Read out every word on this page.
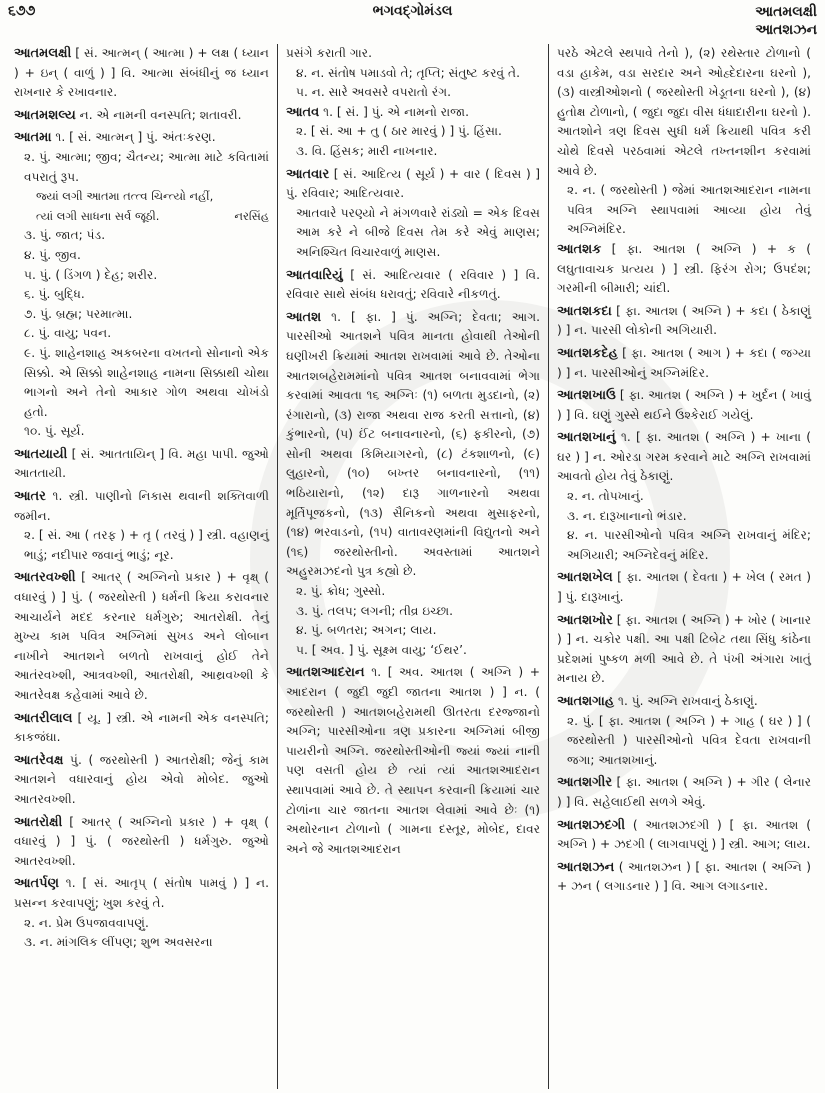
૬૭૭	ભગવદ્ગોમંડલ	આતમલક્ષી
આતશઝન
આતમલક્ષી [ સં. આત્મન્ ( આત્મા ) + લક્ષ ( ધ્યાન ) + ઇન્ ( વાળું ) ] વિ. આત્મા સંબંધીનું જ ધ્યાન રાખનાર કે રખાવનાર.
આતમશલ્ય ન. એ નામની વનસ્પતિ; શતાવરી.
આતમા ૧. [ સં. આત્મન્ ] પું. અંતઃકરણ.
૨. પું. આત્મા; જીવ; ચૈતન્ય; આત્મા માટે કવિતામાં વપરાતું રૂપ.
જ્યાં લગી આતમા તત્ત્વ ચિન્ત્યો નહીં,
ત્યાં લગી સાધના સર્વ જૂઠી.	નરસિંહ
૩. પું. જાત; પંડ.
૪. પું. જીવ.
૫. પું. ( ડિંગળ ) દેહ; શરીર.
૬. પું. બુદ્ધિ.
૭. પું. બ્રહ્મ; પરમાત્મા.
૮. પું. વાયુ; પવન.
૯. પું. શાહેનશાહ અકબરના વખતનો સોનાનો એક સિક્કો. એ સિક્કો શાહેનશાહ નામના સિક્કાથી ચોથા ભાગનો અને તેનો આકાર ગોળ અથવા ચોખંડો હતો.
૧૦. પું. સૂર્ય.
આતયાયી [ સં. આતતાયિન્ ] વિ. મહા પાપી. જુઓ આતતાયી.
આતર ૧. સ્ત્રી. પાણીનો નિકાસ થવાની શક્તિવાળી જમીન.
૨. [ સં. આ ( તરફ ) + તૃ ( તરવું ) ] સ્ત્રી. વહાણનું ભાડું; નદીપાર જવાનું ભાડું; નૂર.
આતરવખ્શી [ આતર્ ( અગ્નિનો પ્રકાર ) + વૃક્ષ્ ( વધારવું ) ] પું. ( જરથોસ્તી ) ધર્મની ક્રિયા કરાવનાર આચાર્યને મદદ કરનાર ધર્મગુરુ; આતરોક્ષી. તેનું મુખ્ય કામ પવિત્ર અગ્નિમાં સુખડ અને લોબાન નાખીને આતશને બળતો રાખવાનું હોઈ તેને આતંરવખ્શી, આત્રવખ્શી, આતરોક્ષી, આથ્રવખ્શી કે આતરેવક્ષ કહેવામાં આવે છે.
આતરીલાલ [ યૂ. ] સ્ત્રી. એ નામની એક વનસ્પતિ; કાકજંઘા.
આતરેવક્ષ પું. ( જરથોસ્તી ) આતરોક્ષી; જેનું કામ આતશને વધારવાનું હોય એવો મોબેદ. જુઓ આતરવખ્શી.
આતરોક્ષી [ આતર્ ( અગ્નિનો પ્રકાર ) + વૃક્ષ્ ( વધારવું ) ] પું. ( જરથોસ્તી ) ધર્મગુરુ. જુઓ આતરવખ્શી.
આતર્પણ ૧. [ સં. આતૃપ્ ( સંતોષ પામવું ) ] ન. પ્રસન્ન કરવાપણું; ખુશ કરવું તે.
૨. ન. પ્રેમ ઉપજાવવાપણું.
૩. ન. માંગલિક લીંપણ; શુભ અવસરના
પ્રસંગે કરાતી ગાર.
૪. ન. સંતોષ પમાડવો તે; તૃપ્તિ; સંતુષ્ટ કરવું તે.
૫. ન. સારે અવસરે વપરાતો રંગ.
આતવ ૧. [ સં. ] પું. એ નામનો રાજા.
૨. [ સં. આ + તુ ( ઠાર મારવું ) ] પું. હિંસા.
૩. વિ. હિંસક; મારી નાખનાર.
આતવાર [ સં. આદિત્ય ( સૂર્ય ) + વાર ( દિવસ ) ] પું. રવિવાર; આદિત્યવાર.
આતવારે પરણ્યો ને મંગળવારે રાંડ્યો = એક દિવસ આમ કરે ને બીજે દિવસ તેમ કરે એવું માણસ; અનિશ્ચિત વિચારવાળું માણસ.
આતવારિયું [ સં. આદિત્યવાર ( રવિવાર ) ] વિ. રવિવાર સાથે સંબંધ ધરાવતું; રવિવારે નીકળતું.
આતશ ૧. [ ફા. ] પું. અગ્નિ; દેવતા; આગ. પારસીઓ આતશને પવિત્ર માનતા હોવાથી તેઓની ઘણીખરી ક્રિયામાં આતશ રાખવામાં આવે છે. તેઓના આતશબહેરામમાંનો પવિત્ર આતશ બનાવવામાં ભેગા કરવામાં આવતા ૧૬ અગ્નિઃ (૧) બળતા મુડદાનો, (૨) રંગારાનો, (૩) રાજા અથવા રાજ કરતી સત્તાનો, (૪) કુંભારનો, (૫) ઈંટ બનાવનારનો, (૬) ફકીરનો, (૭) સોની અથવા કિમિયાગરનો, (૮) ટંકશાળનો, (૯) લુહારનો, (૧૦) બખ્તર બનાવનારનો, (૧૧) ભઠિયારાનો, (૧૨) દારૂ ગાળનારનો અથવા મૂર્તિપૂજકનો, (૧૩) સૈનિકનો અથવા મુસાફરનો, (૧૪) ભરવાડનો, (૧૫) વાતાવરણમાંની વિદ્યુતનો અને (૧૬) જરથોસ્તીનો. અવસ્તામાં આતશને અહુરમઝદનો પુત્ર કહ્યો છે.
૨. પું. ક્રોધ; ગુસ્સો.
૩. પું. તલપ; લગની; તીવ્ર ઇચ્છા.
૪. પું. બળતરા; અગન; લાય.
૫. [ અવ. ] પું. સૂક્ષ્મ વાયુ; ‘ઈથર’.
આતશઆદરાન ૧. [ અવ. આતશ ( અગ્નિ ) + આદરાન ( જુદી જુદી જાતના આતશ ) ] ન. ( જરથોસ્તી ) આતશબહેરામથી ઊતરતા દરજ્જાનો અગ્નિ; પારસીઓના ત્રણ પ્રકારના અગ્નિમાં બીજી પાયરીનો અગ્નિ. જરથોસ્તીઓની જ્યાં જ્યાં નાની પણ વસતી હોય છે ત્યાં ત્યાં આતશઆદરાન સ્થાપવામાં આવે છે. તે સ્થાપન કરવાની ક્રિયામાં ચાર ટોળાંના ચાર જાતના આતશ લેવામાં આવે છેઃ (૧) અથોરનાન ટોળાનો ( ગામના દસ્તૂર, મોબેદ, દાવર અને જે આતશઆદરાન
પરઠે એટલે સ્થપાવે તેનો ), (૨) રથેસ્તાર ટોળાનો ( વડા હાકેમ, વડા સરદાર અને ઓહ્દેદારના ઘરનો ), (૩) વાસ્ત્રીઓશનો ( જરથોસ્તી ખેડૂતના ઘરનો ), (૪) હુતોક્ષ ટોળાનો, ( જુદા જુદા વીસ ધંધાદારીના ઘરનો ). આતશોને ત્રણ દિવસ સુધી ધર્મ ક્રિયાથી પવિત્ર કરી ચોથે દિવસે પરઠવામાં એટલે તખ્તનશીન કરવામાં આવે છે.
૨. ન. ( જરથોસ્તી ) જેમાં આતશઆદરાન નામના પવિત્ર અગ્નિ સ્થાપવામાં આવ્યા હોય તેવું અગ્નિમંદિર.
આતશક [ ફા. આતશ ( અગ્નિ ) + ક ( લઘુતાવાચક પ્રત્યય ) ] સ્ત્રી. ફિરંગ રોગ; ઉપદંશ; ગરમીની બીમારી; ચાંદી.
આતશકદા [ ફા. આતશ ( અગ્નિ ) + કદા ( ઠેકાણું ) ] ન. પારસી લોકોની અગિયારી.
આતશકદેહ [ ફા. આતશ ( આગ ) + કદા ( જગ્યા ) ] ન. પારસીઓનું અગ્નિમંદિર.
આતશખાઉ [ ફા. આતશ ( અગ્નિ ) + ખુર્દન ( ખાવું ) ] વિ. ઘણું ગુસ્સે થઈને ઉશ્કેરાઈ ગયેલું.
આતશખાનું ૧. [ ફા. આતશ ( અગ્નિ ) + ખાના ( ઘર ) ] ન. ઓરડા ગરમ કરવાને માટે અગ્નિ રાખવામાં આવતો હોય તેવું ઠેકાણું.
૨. ન. તોપખાનું.
૩. ન. દારૂખાનાનો ભંડાર.
૪. ન. પારસીઓનો પવિત્ર અગ્નિ રાખવાનું મંદિર; અગિયારી; અગ્નિદેવનું મંદિર.
આતશખેલ [ ફા. આતશ ( દેવતા ) + ખેલ ( રમત ) ] પું. દારૂખાનું.
આતશખોર [ ફા. આતશ ( અગ્નિ ) + ખોર ( ખાનાર ) ] ન. ચકોર પક્ષી. આ પક્ષી ટિબેટ તથા સિંધુ કાંઠેના પ્રદેશમાં પુષ્કળ મળી આવે છે. તે પંખી અંગારા ખાતું મનાય છે.
આતશગાહ ૧. પું. અગ્નિ રાખવાનું ઠેકાણું.
૨. પું. [ ફા. આતશ ( અગ્નિ ) + ગાહ ( ઘર ) ] ( જરથોસ્તી ) પારસીઓનો પવિત્ર દેવતા રાખવાની જગા; આતશખાનું.
આતશગીર [ ફા. આતશ ( અગ્નિ ) + ગીર ( લેનાર ) ] વિ. સહેલાઈથી સળગે એવું.
આતશઝદગી ( આતશઝદગી ) [ ફા. આતશ ( અગ્નિ ) + ઝદગી ( લાગવાપણું ) ] સ્ત્રી. આગ; લાય.
આતશઝન ( આતશઝન ) [ ફા. આતશ ( અગ્નિ ) + ઝન ( લગાડનાર ) ] વિ. આગ લગાડનાર.
